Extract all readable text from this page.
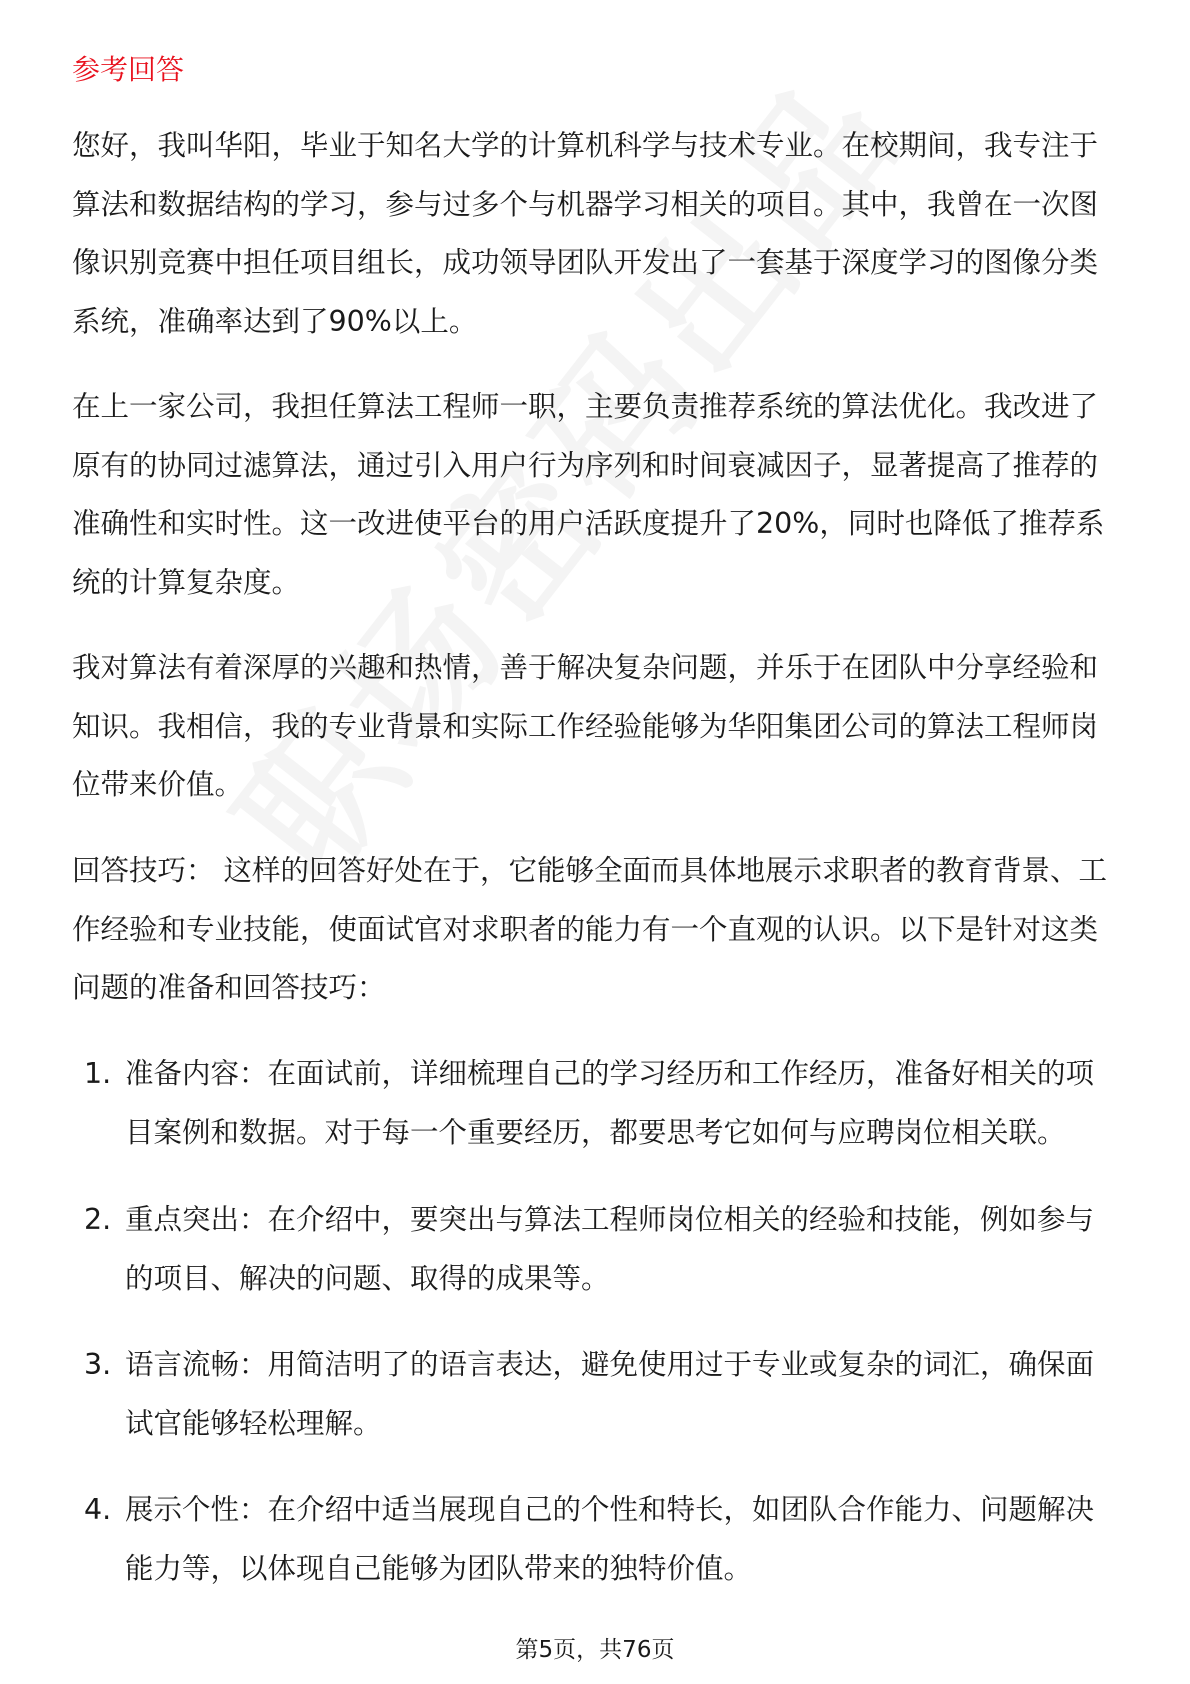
参考回答
您好，我叫华阳，毕业于知名大学的计算机科学与技术专业。在校期间，我专注于
算法和数据结构的学习，参与过多个与机器学习相关的项目。其中，我曾在一次图
像识别竞赛中担任项目组长，成功领导团队开发出了一套基于深度学习的图像分类
系统，准确率达到了90%以上。
在上一家公司，我担任算法工程师一职，主要负责推荐系统的算法优化。我改进了
原有的协同过滤算法，通过引入用户行为序列和时间衰减因子，显著提高了推荐的
准确性和实时性。这一改进使平台的用户活跃度提升了20%，同时也降低了推荐系
统的计算复杂度。
我对算法有着深厚的兴趣和热情，善于解决复杂问题，并乐于在团队中分享经验和
知识。我相信，我的专业背景和实际工作经验能够为华阳集团公司的算法工程师岗
位带来价值。
回答技巧： 这样的回答好处在于，它能够全面而具体地展示求职者的教育背景、工
作经验和专业技能，使面试官对求职者的能力有一个直观的认识。以下是针对这类
问题的准备和回答技巧：
1. 准备内容：在面试前，详细梳理自己的学习经历和工作经历，准备好相关的项
目案例和数据。对于每一个重要经历，都要思考它如何与应聘岗位相关联。
2. 重点突出：在介绍中，要突出与算法工程师岗位相关的经验和技能，例如参与
的项目、解决的问题、取得的成果等。
3. 语言流畅：用简洁明了的语言表达，避免使用过于专业或复杂的词汇，确保面
试官能够轻松理解。
4. 展示个性：在介绍中适当展现自己的个性和特长，如团队合作能力、问题解决
能力等，以体现自己能够为团队带来的独特价值。
第5页，共76页
